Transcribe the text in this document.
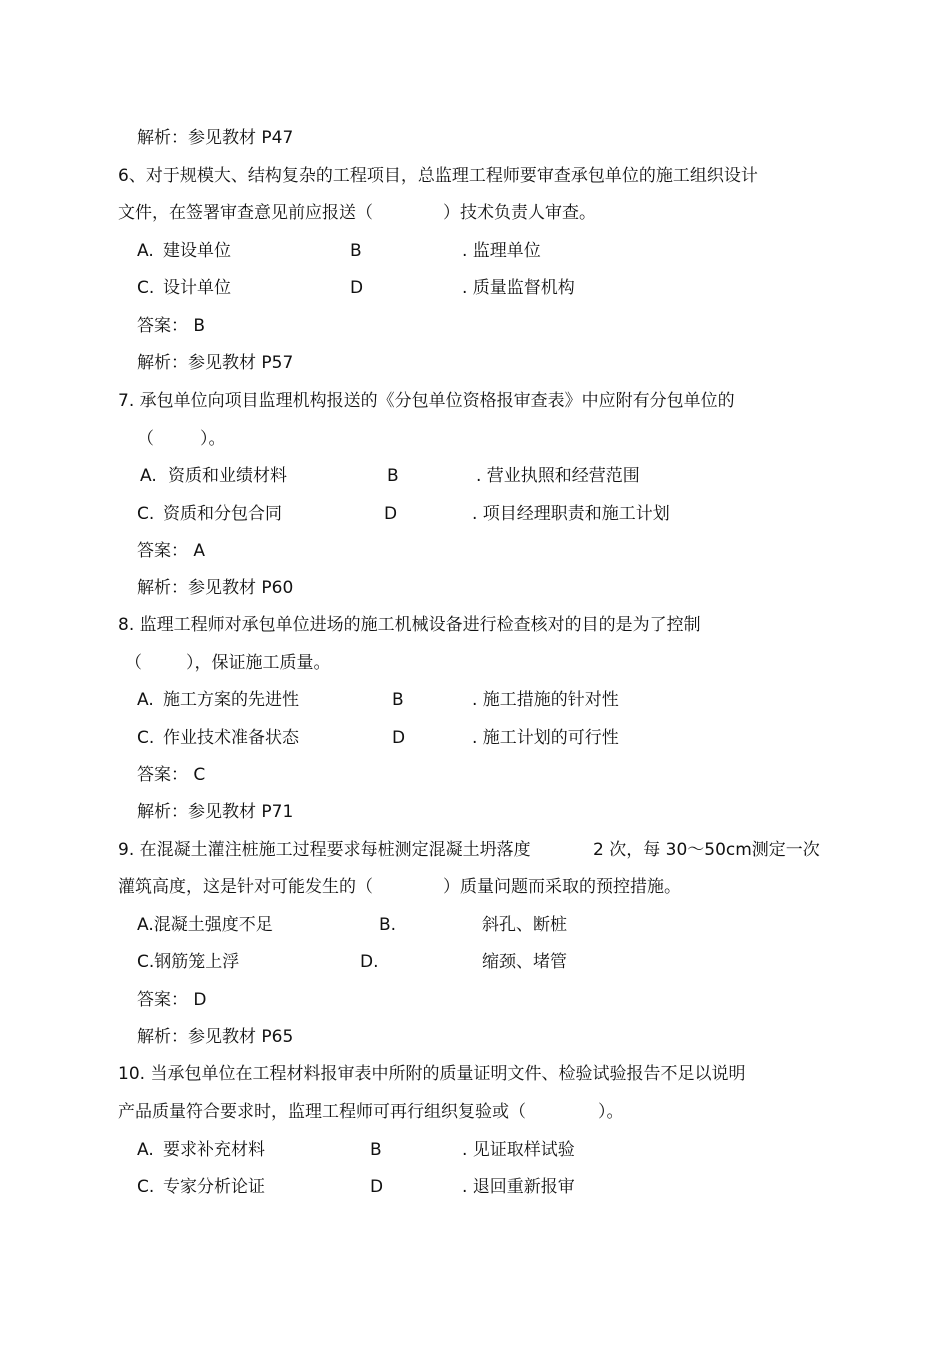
解析：参见教材 P47
6、对于规模大、结构复杂的工程项目，总监理工程师要审查承包单位的施工组织设计
文件，在签署审查意见前应报送（	）技术负责人审查。
A. 建设单位	B	. 监理单位
C. 设计单位	D	. 质量监督机构
答案： B
解析：参见教材 P57
7. 承包单位向项目监理机构报送的《分包单位资格报审查表》中应附有分包单位的
（	）。
A. 资质和业绩材料	B	. 营业执照和经营范围
C. 资质和分包合同	D	. 项目经理职责和施工计划
答案： A
解析：参见教材 P60
8. 监理工程师对承包单位进场的施工机械设备进行检查核对的目的是为了控制
（	），保证施工质量。
A. 施工方案的先进性	B	. 施工措施的针对性
C. 作业技术准备状态	D	. 施工计划的可行性
答案： C
解析：参见教材 P71
9. 在混凝土灌注桩施工过程要求每桩测定混凝土坍落度	2 次，每 30～50cm测定一次
灌筑高度，这是针对可能发生的（	）质量问题而采取的预控措施。
A.混凝土强度不足	B.	斜孔、断桩
C.钢筋笼上浮	D.	缩颈、堵管
答案： D
解析：参见教材 P65
10. 当承包单位在工程材料报审表中所附的质量证明文件、检验试验报告不足以说明
产品质量符合要求时，监理工程师可再行组织复验或（	）。
A. 要求补充材料	B	. 见证取样试验
C. 专家分析论证	D	. 退回重新报审
